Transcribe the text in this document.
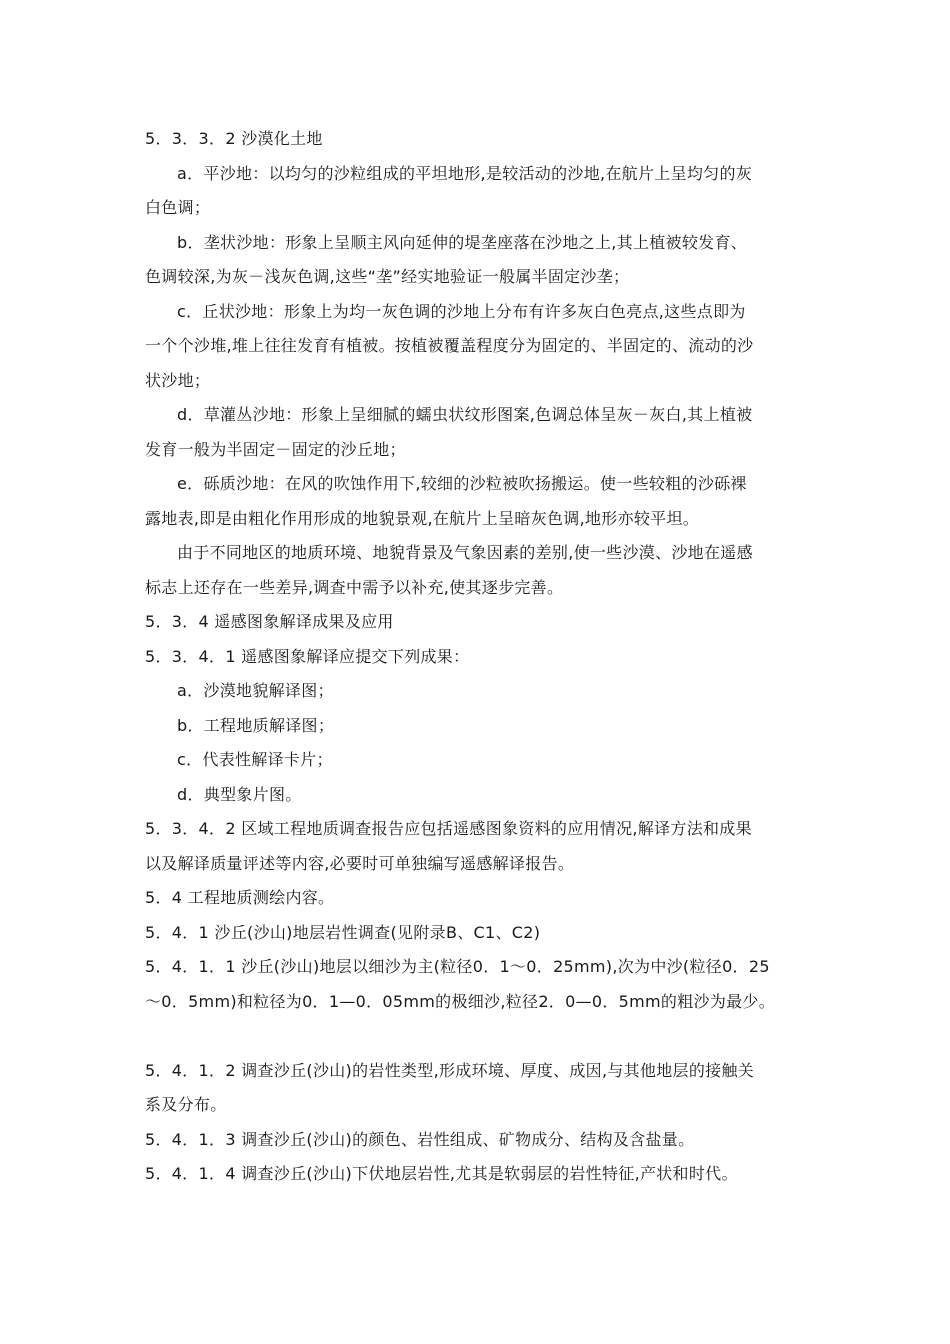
5．3．3．2 沙漠化土地
a．平沙地：以均匀的沙粒组成的平坦地形,是较活动的沙地,在航片上呈均匀的灰
白色调；
b．垄状沙地：形象上呈顺主风向延伸的堤垄座落在沙地之上,其上植被较发育、
色调较深,为灰－浅灰色调,这些“垄”经实地验证一般属半固定沙垄；
c．丘状沙地：形象上为均一灰色调的沙地上分布有许多灰白色亮点,这些点即为
一个个沙堆,堆上往往发育有植被。按植被覆盖程度分为固定的、半固定的、流动的沙
状沙地；
d．草灌丛沙地：形象上呈细腻的蠕虫状纹形图案,色调总体呈灰－灰白,其上植被
发育一般为半固定－固定的沙丘地；
e．砾质沙地：在风的吹蚀作用下,较细的沙粒被吹扬搬运。使一些较粗的沙砾裸
露地表,即是由粗化作用形成的地貌景观,在航片上呈暗灰色调,地形亦较平坦。
由于不同地区的地质环境、地貌背景及气象因素的差别,使一些沙漠、沙地在遥感
标志上还存在一些差异,调查中需予以补充,使其逐步完善。
5．3．4 遥感图象解译成果及应用
5．3．4．1 遥感图象解译应提交下列成果：
a．沙漠地貌解译图；
b．工程地质解译图；
c．代表性解译卡片；
d．典型象片图。
5．3．4．2 区域工程地质调查报告应包括遥感图象资料的应用情况,解译方法和成果
以及解译质量评述等内容,必要时可单独编写遥感解译报告。
5．4 工程地质测绘内容。
5．4．1 沙丘(沙山)地层岩性调查(见附录B、C1、C2)
5．4．1．1 沙丘(沙山)地层以细沙为主(粒径0．1～0．25mm),次为中沙(粒径0．25
～0．5mm)和粒径为0．1—0．05mm的极细沙,粒径2．0—0．5mm的粗沙为最少。
5．4．1．2 调查沙丘(沙山)的岩性类型,形成环境、厚度、成因,与其他地层的接触关
系及分布。
5．4．1．3 调查沙丘(沙山)的颜色、岩性组成、矿物成分、结构及含盐量。
5．4．1．4 调查沙丘(沙山)下伏地层岩性,尤其是软弱层的岩性特征,产状和时代。
